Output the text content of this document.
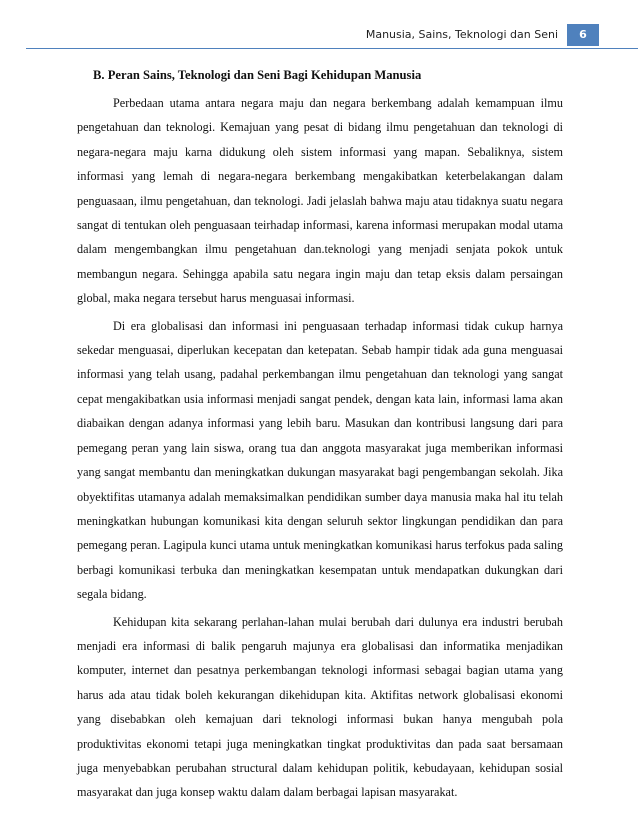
Manusia, Sains, Teknologi dan Seni	6
B. Peran Sains, Teknologi dan Seni Bagi Kehidupan Manusia

Perbedaan utama antara negara maju dan negara berkembang adalah kemampuan ilmu pengetahuan dan teknologi. Kemajuan yang pesat di bidang ilmu pengetahuan dan teknologi di negara-negara maju karna didukung oleh sistem informasi yang mapan. Sebaliknya, sistem informasi yang lemah di negara-negara berkembang mengakibatkan keterbelakangan dalam penguasaan, ilmu pengetahuan, dan teknologi. Jadi jelaslah bahwa maju atau tidaknya suatu negara sangat di tentukan oleh penguasaan teirhadap informasi, karena informasi merupakan modal utama dalam mengembangkan ilmu pengetahuan dan.teknologi yang menjadi senjata pokok untuk membangun negara. Sehingga apabila satu negara ingin maju dan tetap eksis dalam persaingan global, maka negara tersebut harus menguasai informasi.

Di era globalisasi dan informasi ini penguasaan terhadap informasi tidak cukup harnya sekedar menguasai, diperlukan kecepatan dan ketepatan. Sebab hampir tidak ada guna menguasai informasi yang telah usang, padahal perkembangan ilmu pengetahuan dan teknologi yang sangat cepat mengakibatkan usia informasi menjadi sangat pendek, dengan kata lain, informasi lama akan diabaikan dengan adanya informasi yang lebih baru. Masukan dan kontribusi langsung dari para pemegang peran yang lain siswa, orang tua dan anggota masyarakat juga memberikan informasi yang sangat membantu dan meningkatkan dukungan masyarakat bagi pengembangan sekolah. Jika obyektifitas utamanya adalah memaksimalkan pendidikan sumber daya manusia maka hal itu telah meningkatkan hubungan komunikasi kita dengan seluruh sektor lingkungan pendidikan dan para pemegang peran. Lagipula kunci utama untuk meningkatkan komunikasi harus terfokus pada saling berbagi komunikasi terbuka dan meningkatkan kesempatan untuk mendapatkan dukungkan dari segala bidang.

Kehidupan kita sekarang perlahan-lahan mulai berubah dari dulunya era industri berubah menjadi era informasi di balik pengaruh majunya era globalisasi dan informatika menjadikan komputer, internet dan pesatnya perkembangan teknologi informasi sebagai bagian utama yang harus ada atau tidak boleh kekurangan dikehidupan kita. Aktifitas network globalisasi ekonomi yang disebabkan oleh kemajuan dari teknologi informasi bukan hanya mengubah pola produktivitas ekonomi tetapi juga meningkatkan tingkat produktivitas dan pada saat bersamaan juga menyebabkan perubahan structural dalam kehidupan politik, kebudayaan, kehidupan sosial masyarakat dan juga konsep waktu dalam dalam berbagai lapisan masyarakat.
